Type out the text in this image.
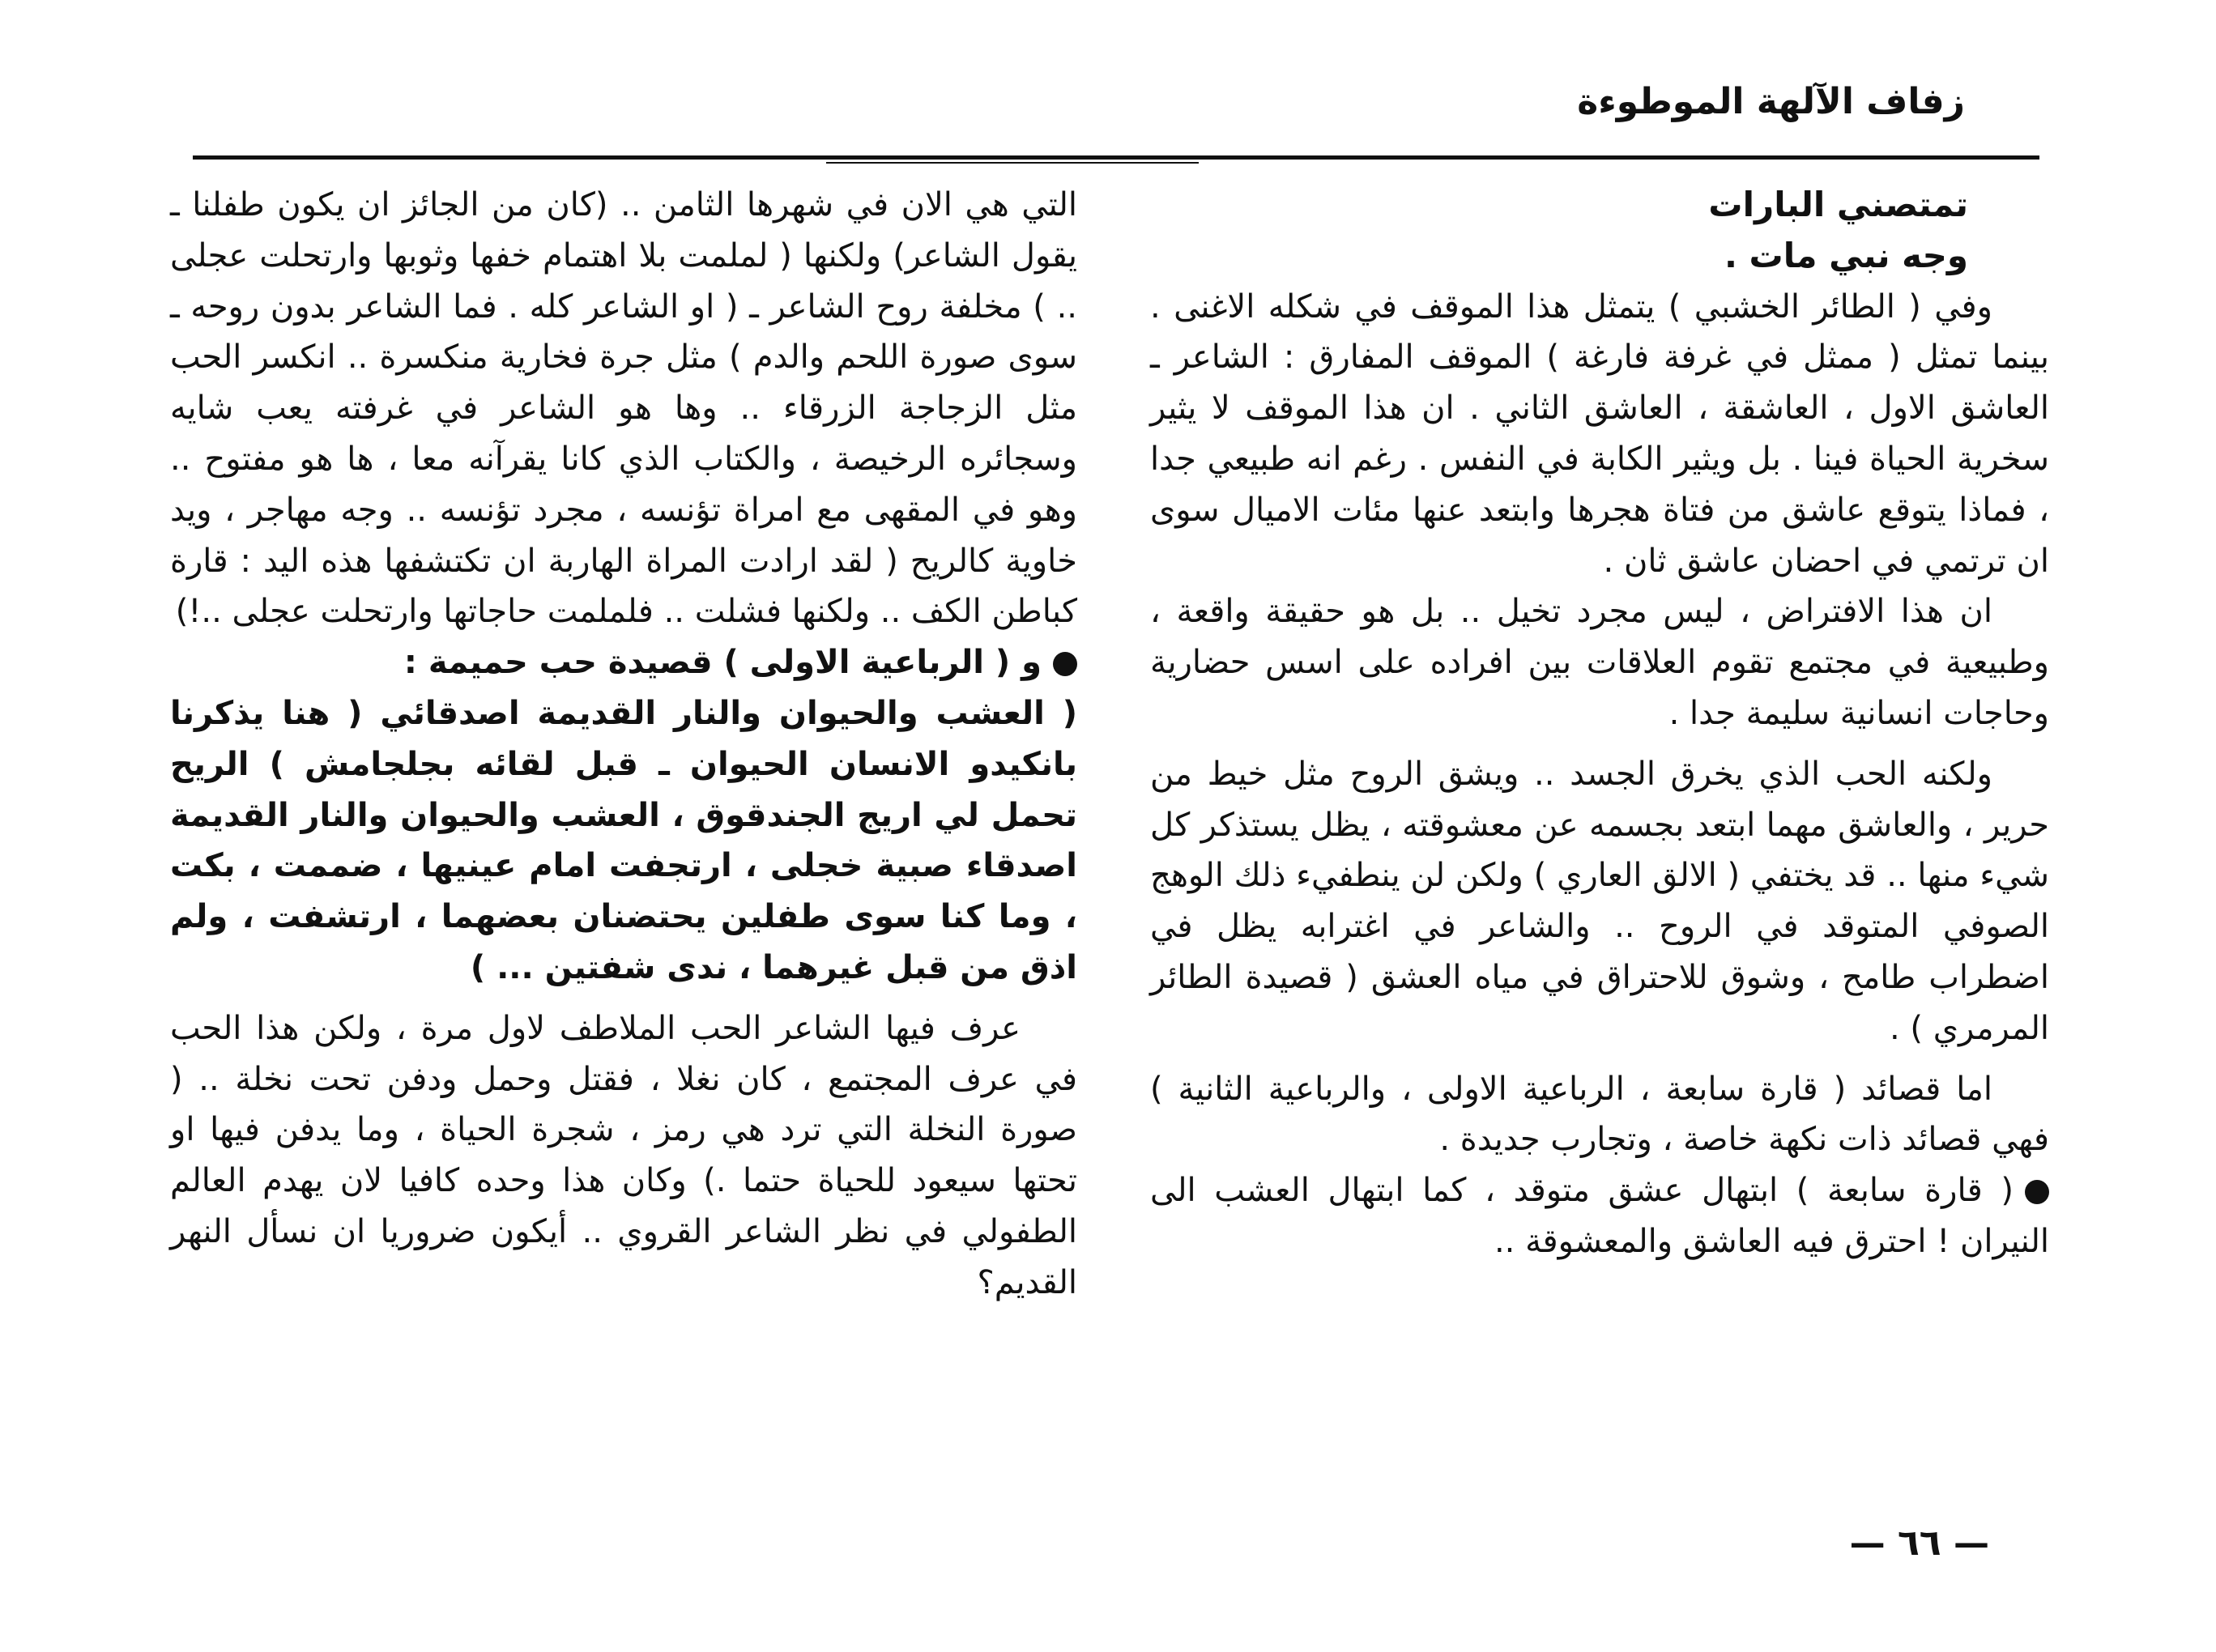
زفاف الآلهة الموطوءة

تمتصني البارات

وجه نبي مات .

وفي ( الطائر الخشبي ) يتمثل هذا الموقف في شكله الاغنى . بينما تمثل ( ممثل في غرفة فارغة ) الموقف المفارق : الشاعر ـ العاشق الاول ، العاشقة ، العاشق الثاني . ان هذا الموقف لا يثير سخرية الحياة فينا . بل ويثير الكابة في النفس . رغم انه طبيعي جدا ، فماذا يتوقع عاشق من فتاة هجرها وابتعد عنها مئات الاميال سوى ان ترتمي في احضان عاشق ثان .

ان هذا الافتراض ، ليس مجرد تخيل .. بل هو حقيقة واقعة ، وطبيعية في مجتمع تقوم العلاقات بين افراده على اسس حضارية وحاجات انسانية سليمة جدا .

ولكنه الحب الذي يخرق الجسد .. ويشق الروح مثل خيط من حرير ، والعاشق مهما ابتعد بجسمه عن معشوقته ، يظل يستذكر كل شيء منها .. قد يختفي ( الالق العاري ) ولكن لن ينطفيء ذلك الوهج الصوفي المتوقد في الروح .. والشاعر في اغترابه يظل في اضطراب طامح ، وشوق للاحتراق في مياه العشق ( قصيدة الطائر المرمري ) .

اما قصائد ( قارة سابعة ، الرباعية الاولى ، والرباعية الثانية ) فهي قصائد ذات نكهة خاصة ، وتجارب جديدة .

( قارة سابعة ) ابتهال عشق متوقد ، كما ابتهال العشب الى النيران ! احترق فيه العاشق والمعشوقة ..

التي هي الان في شهرها الثامن .. (كان من الجائز ان يكون طفلنا ـ يقول الشاعر) ولكنها ( لملمت بلا اهتمام خفها وثوبها وارتحلت عجلى .. ) مخلفة روح الشاعر ـ ( او الشاعر كله . فما الشاعر بدون روحه ـ سوى صورة اللحم والدم ) مثل جرة فخارية منكسرة .. انكسر الحب مثل الزجاجة الزرقاء .. وها هو الشاعر في غرفته يعب شايه وسجائره الرخيصة ، والكتاب الذي كانا يقرآنه معا ، ها هو مفتوح .. وهو في المقهى مع امراة تؤنسه ، مجرد تؤنسه .. وجه مهاجر ، ويد خاوية كالريح ( لقد ارادت المراة الهاربة ان تكتشفها هذه اليد : قارة كباطن الكف .. ولكنها فشلت .. فلملمت حاجاتها وارتحلت عجلى ..!)

و ( الرباعية الاولى ) قصيدة حب حميمة :

( العشب والحيوان والنار القديمة اصدقائي ( هنا يذكرنا بانكيدو الانسان الحيوان ـ قبل لقائه بجلجامش ) الريح تحمل لي اريج الجندقوق ، العشب والحيوان والنار القديمة اصدقاء صبية خجلى ، ارتجفت امام عينيها ، ضممت ، بكت ، وما كنا سوى طفلين يحتضنان بعضهما ، ارتشفت ، ولم اذق من قبل غيرهما ، ندى شفتين ... )

عرف فيها الشاعر الحب الملاطف لاول مرة ، ولكن هذا الحب في عرف المجتمع ، كان نغلا ، فقتل وحمل ودفن تحت نخلة .. ( صورة النخلة التي ترد هي رمز ، شجرة الحياة ، وما يدفن فيها او تحتها سيعود للحياة حتما .) وكان هذا وحده كافيا لان يهدم العالم الطفولي في نظر الشاعر القروي .. أيكون ضروريا ان نسأل النهر القديم؟

— ٦٦ —
